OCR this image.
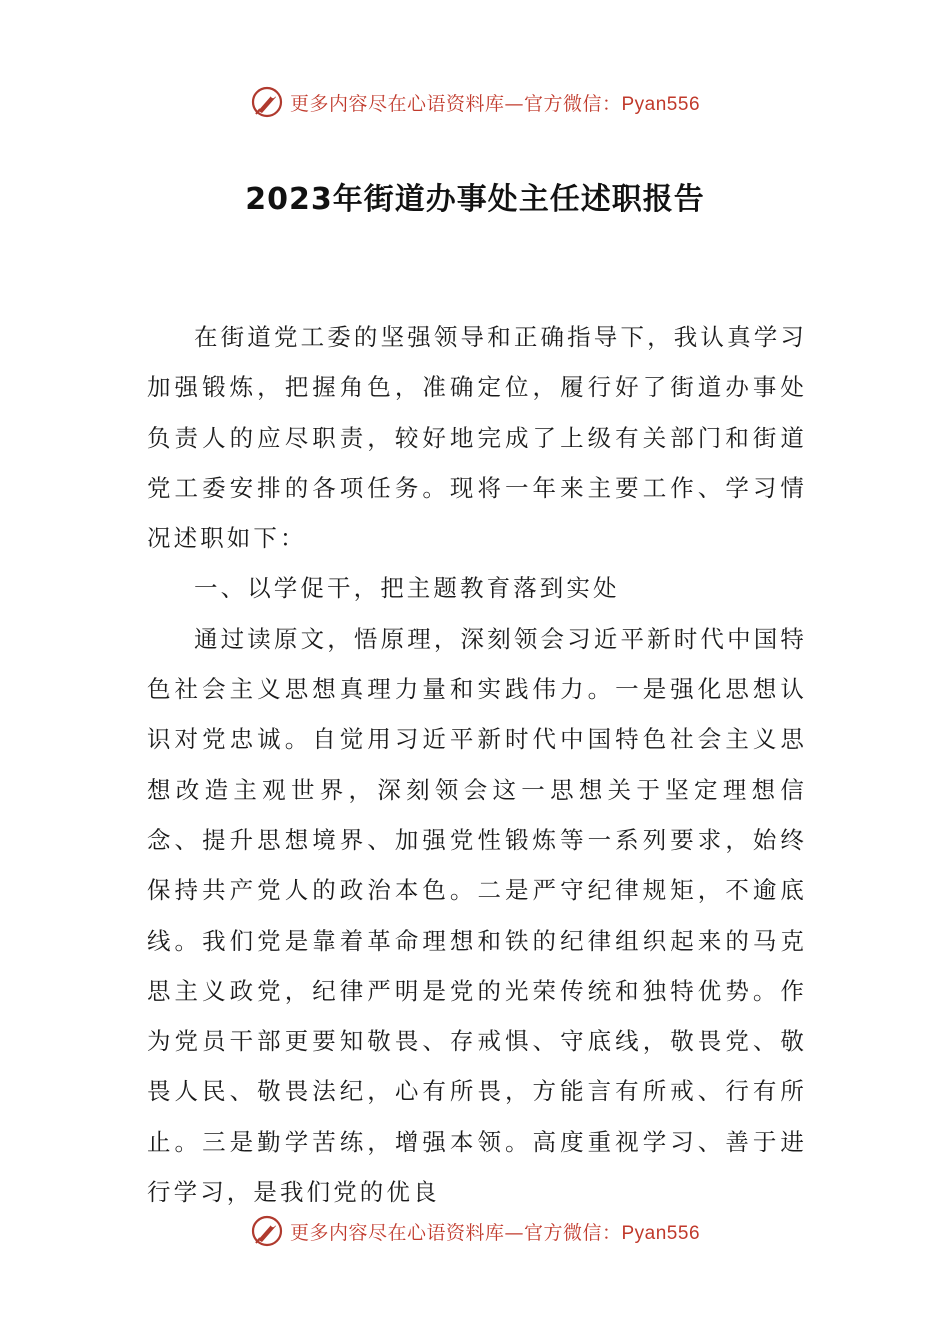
更多内容尽在心语资料库—官方微信：Pyan556
2023年街道办事处主任述职报告

在街道党工委的坚强领导和正确指导下，我认真学习加强锻炼，把握角色，准确定位，履行好了街道办事处负责人的应尽职责，较好地完成了上级有关部门和街道党工委安排的各项任务。现将一年来主要工作、学习情况述职如下：

一、以学促干，把主题教育落到实处

通过读原文，悟原理，深刻领会习近平新时代中国特色社会主义思想真理力量和实践伟力。一是强化思想认识对党忠诚。自觉用习近平新时代中国特色社会主义思想改造主观世界，深刻领会这一思想关于坚定理想信念、提升思想境界、加强党性锻炼等一系列要求，始终保持共产党人的政治本色。二是严守纪律规矩，不逾底线。我们党是靠着革命理想和铁的纪律组织起来的马克思主义政党，纪律严明是党的光荣传统和独特优势。作为党员干部更要知敬畏、存戒惧、守底线，敬畏党、敬畏人民、敬畏法纪，心有所畏，方能言有所戒、行有所止。三是勤学苦练，增强本领。高度重视学习、善于进行学习，是我们党的优良

更多内容尽在心语资料库—官方微信：Pyan556
